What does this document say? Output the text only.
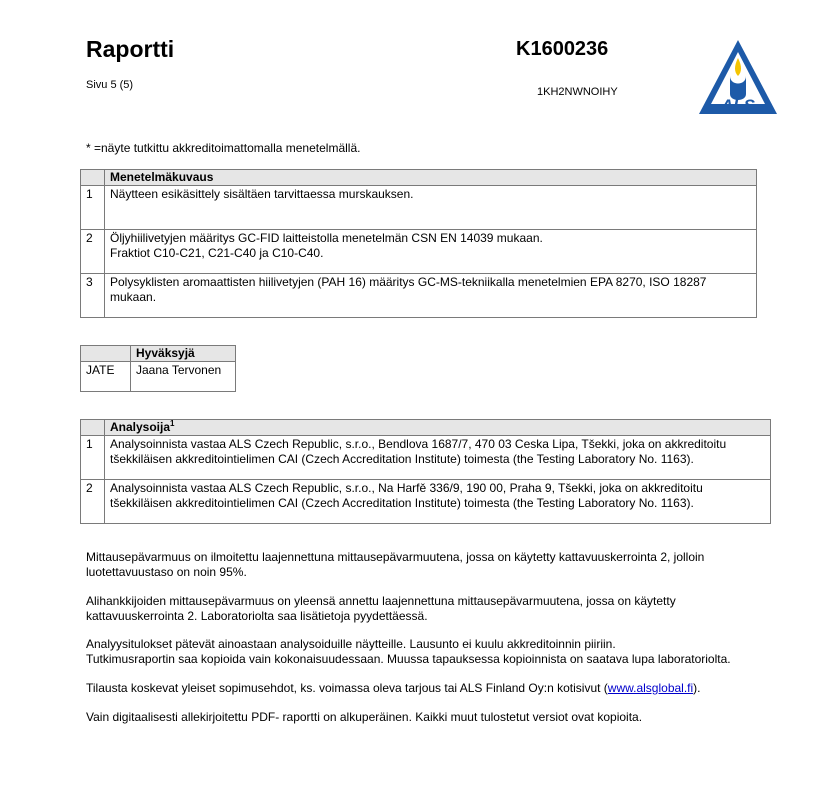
Raportti	K1600236
Sivu 5 (5)
1KH2NWNOIHY
ALS
* =näyte tutkittu akkreditoimattomalla menetelmällä.
	Menetelmäkuvaus
1	Näytteen esikäsittely sisältäen tarvittaessa murskauksen.

2	Öljyhiilivetyjen määritys GC-FID laitteistolla menetelmän CSN EN 14039 mukaan.
Fraktiot C10-C21, C21-C40 ja C10-C40.

3	Polysyklisten aromaattisten hiilivetyjen (PAH 16) määritys GC-MS-tekniikalla menetelmien EPA 8270, ISO 18287
mukaan.
	Hyväksyjä
JATE	Jaana Tervonen
	Analysoija$^1$
1	Analysoinnista vastaa ALS Czech Republic, s.r.o., Bendlova 1687/7, 470 03 Ceska Lipa, Tšekki, joka on akkreditoitu
tšekkiläisen akkreditointielimen CAI (Czech Accreditation Institute) toimesta (the Testing Laboratory No. 1163).

2	Analysoinnista vastaa ALS Czech Republic, s.r.o., Na Harfě 336/9, 190 00, Praha 9, Tšekki, joka on akkreditoitu
tšekkiläisen akkreditointielimen CAI (Czech Accreditation Institute) toimesta (the Testing Laboratory No. 1163).
Mittausepävarmuus on ilmoitettu laajennettuna mittausepävarmuutena, jossa on käytetty kattavuuskerrointa 2, jolloin
luotettavuustaso on noin 95%.
Alihankkijoiden mittausepävarmuus on yleensä annettu laajennettuna mittausepävarmuutena, jossa on käytetty
kattavuuskerrointa 2. Laboratoriolta saa lisätietoja pyydettäessä.
Analyysitulokset pätevät ainoastaan analysoiduille näytteille. Lausunto ei kuulu akkreditoinnin piiriin.
Tutkimusraportin saa kopioida vain kokonaisuudessaan. Muussa tapauksessa kopioinnista on saatava lupa laboratoriolta.
Tilausta koskevat yleiset sopimusehdot, ks. voimassa oleva tarjous tai ALS Finland Oy:n kotisivut (www.alsglobal.fi).
Vain digitaalisesti allekirjoitettu PDF- raportti on alkuperäinen. Kaikki muut tulostetut versiot ovat kopioita.
